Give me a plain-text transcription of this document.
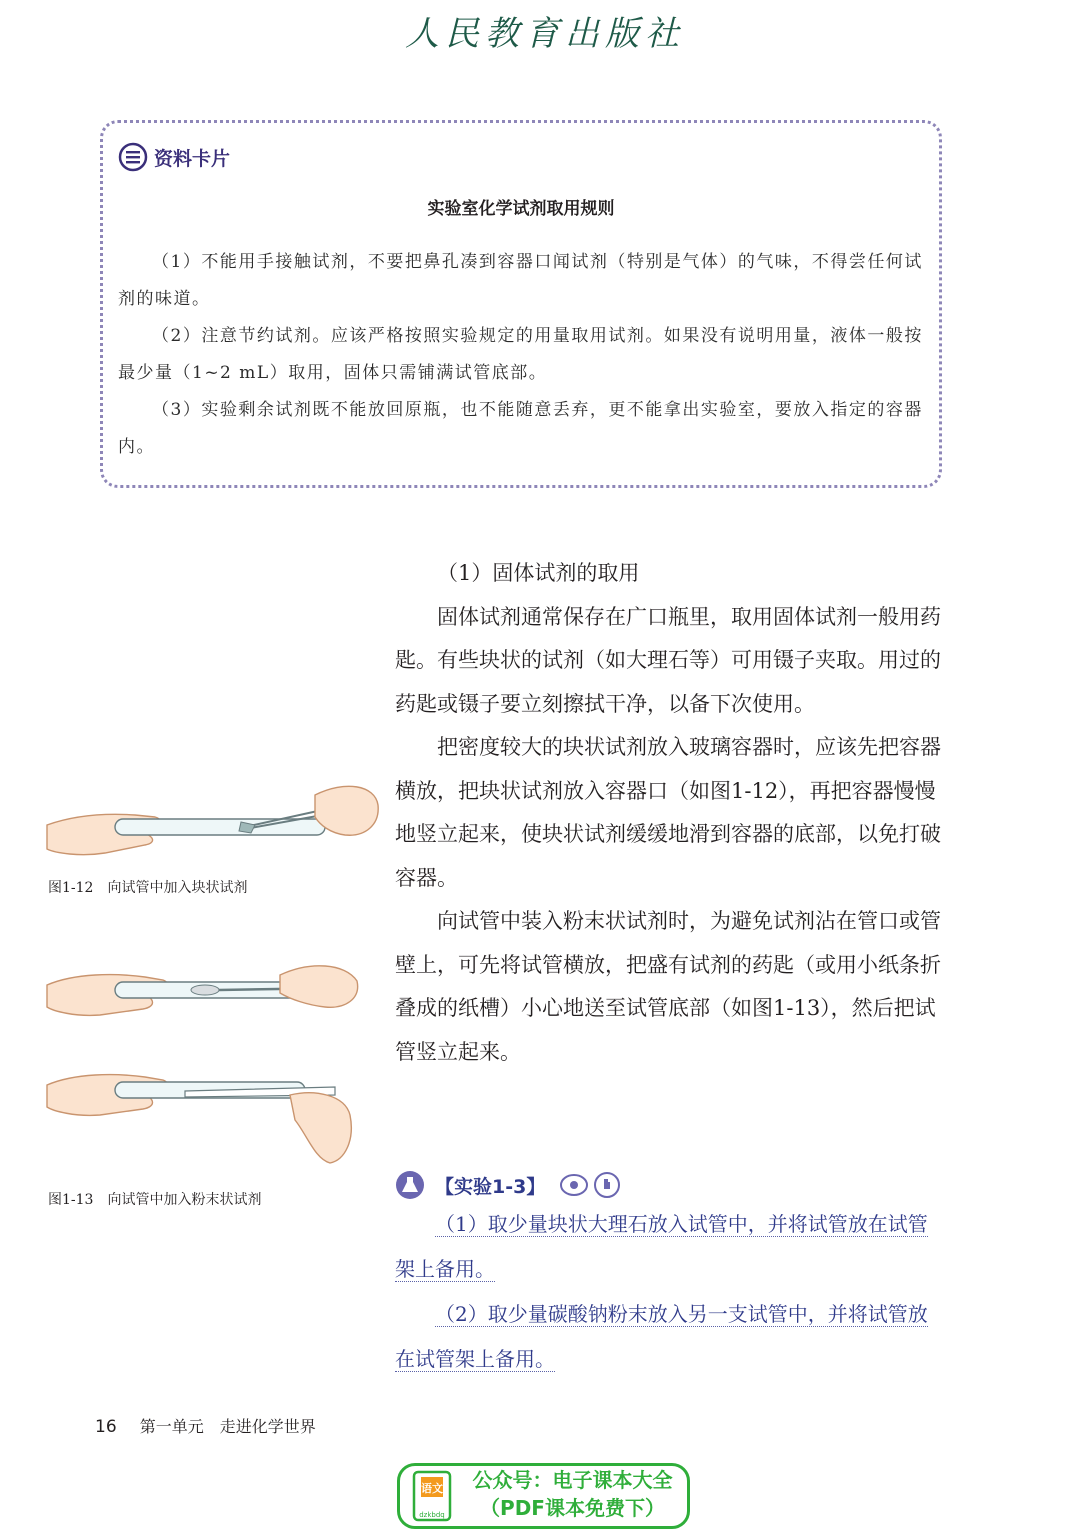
人民教育出版社
资料卡片
实验室化学试剂取用规则

（1）不能用手接触试剂，不要把鼻孔凑到容器口闻试剂（特别是气体）的气味，不得尝任何试剂的味道。

（2）注意节约试剂。应该严格按照实验规定的用量取用试剂。如果没有说明用量，液体一般按最少量（1~2 mL）取用，固体只需铺满试管底部。

（3）实验剩余试剂既不能放回原瓶，也不能随意丢弃，更不能拿出实验室，要放入指定的容器内。

（1）固体试剂的取用

固体试剂通常保存在广口瓶里，取用固体试剂一般用药匙。有些块状的试剂（如大理石等）可用镊子夹取。用过的药匙或镊子要立刻擦拭干净，以备下次使用。

把密度较大的块状试剂放入玻璃容器时，应该先把容器横放，把块状试剂放入容器口（如图1-12），再把容器慢慢地竖立起来，使块状试剂缓缓地滑到容器的底部，以免打破容器。

向试管中装入粉末状试剂时，为避免试剂沾在管口或管壁上，可先将试管横放，把盛有试剂的药匙（或用小纸条折叠成的纸槽）小心地送至试管底部（如图1-13），然后把试管竖立起来。

图1-12　向试管中加入块状试剂
图1-13　向试管中加入粉末状试剂
【实验1-3】

（1）取少量块状大理石放入试管中，并将试管放在试管架上备用。

（2）取少量碳酸钠粉末放入另一支试管中，并将试管放在试管架上备用。

16 第一单元　走进化学世界
语文
dzkbdq
公众号：电子课本大全
（PDF课本免费下）
